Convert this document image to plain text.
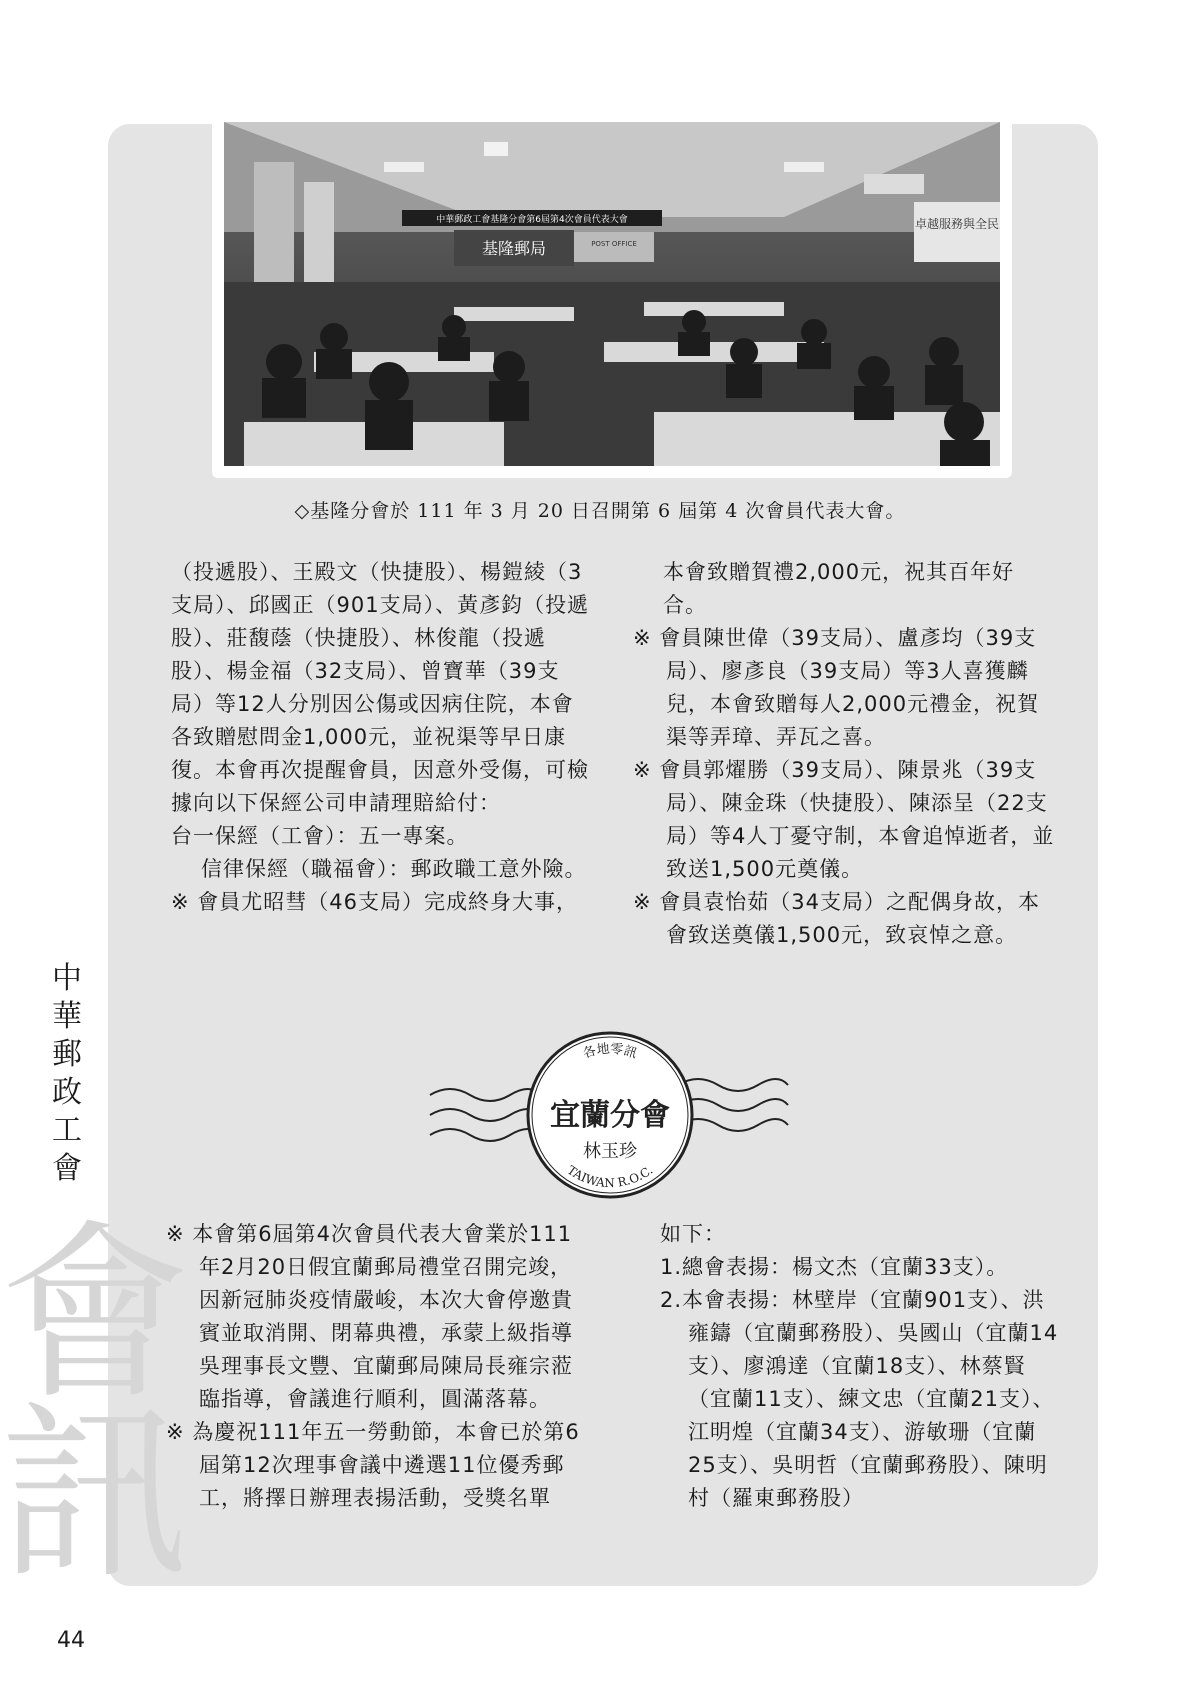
中華郵政工會基隆分會第6屆第4次會員代表大會
基隆郵局	POST OFFICE
卓越服務與全民
◇基隆分會於 111 年 3 月 20 日召開第 6 屆第 4 次會員代表大會。

（投遞股）、王殿文（快捷股）、楊鎧綾（3支局）、邱國正（901支局）、黃彥鈞（投遞股）、莊馥蔭（快捷股）、林俊龍（投遞股）、楊金福（32支局）、曾寶華（39支局）等12人分別因公傷或因病住院，本會各致贈慰問金1,000元，並祝渠等早日康復。本會再次提醒會員，因意外受傷，可檢據向以下保經公司申請理賠給付：

台一保經（工會）：五一專案。

信律保經（職福會）：郵政職工意外險。

※ 會員尤昭彗（46支局）完成終身大事，

本會致贈賀禮2,000元，祝其百年好合。

※ 會員陳世偉（39支局）、盧彥均（39支局）、廖彥良（39支局）等3人喜獲麟兒，本會致贈每人2,000元禮金，祝賀渠等弄璋、弄瓦之喜。

※ 會員郭燿勝（39支局）、陳景兆（39支局）、陳金珠（快捷股）、陳添呈（22支局）等4人丁憂守制，本會追悼逝者，並致送1,500元奠儀。

※ 會員袁怡茹（34支局）之配偶身故，本會致送奠儀1,500元，致哀悼之意。

各地零訊
宜蘭分會
林玉珍
TAIWAN R.O.C.

※ 本會第6屆第4次會員代表大會業於111年2月20日假宜蘭郵局禮堂召開完竣，因新冠肺炎疫情嚴峻，本次大會停邀貴賓並取消開、閉幕典禮，承蒙上級指導吳理事長文豐、宜蘭郵局陳局長雍宗蒞臨指導，會議進行順利，圓滿落幕。

※ 為慶祝111年五一勞動節，本會已於第6屆第12次理事會議中遴選11位優秀郵工，將擇日辦理表揚活動，受獎名單

如下：

1.總會表揚：楊文杰（宜蘭33支）。

2.本會表揚：林壁岸（宜蘭901支）、洪雍鑄（宜蘭郵務股）、吳國山（宜蘭14支）、廖鴻達（宜蘭18支）、林蔡賢（宜蘭11支）、練文忠（宜蘭21支）、江明煌（宜蘭34支）、游敏珊（宜蘭25支）、吳明哲（宜蘭郵務股）、陳明村（羅東郵務股）

中華郵政工會
會
訊
44
